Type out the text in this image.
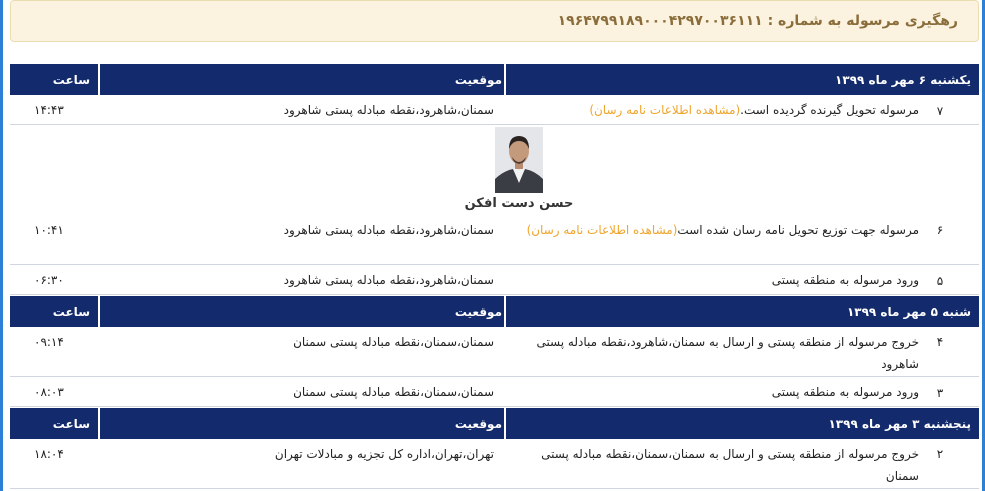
رهگیری مرسوله به شماره : ۱۹۶۴۷۹۹۱۸۹۰۰۰۴۲۹۷۰۰۳۶۱۱۱
یکشنبه ۶ مهر ماه ۱۳۹۹
موقعیت
ساعت
۷
مرسوله تحویل گیرنده گردیده است.(مشاهده اطلاعات نامه رسان)
سمنان،شاهرود،نقطه مبادله پستی شاهرود
۱۴:۴۳
۶
مرسوله جهت توزیع تحویل نامه رسان شده است(مشاهده اطلاعات نامه رسان)
سمنان،شاهرود،نقطه مبادله پستی شاهرود
۱۰:۴۱
۵
ورود مرسوله به منطقه پستی
سمنان،شاهرود،نقطه مبادله پستی شاهرود
۰۶:۳۰
شنبه ۵ مهر ماه ۱۳۹۹
موقعیت
ساعت
۴
خروج مرسوله از منطقه پستی و ارسال به سمنان،شاهرود،نقطه مبادله پستی شاهرود
سمنان،سمنان،نقطه مبادله پستی سمنان
۰۹:۱۴
۳
ورود مرسوله به منطقه پستی
سمنان،سمنان،نقطه مبادله پستی سمنان
۰۸:۰۳
پنجشنبه ۳ مهر ماه ۱۳۹۹
موقعیت
ساعت
۲
خروج مرسوله از منطقه پستی و ارسال به سمنان،سمنان،نقطه مبادله پستی سمنان
تهران،تهران،اداره کل تجزیه و مبادلات تهران
۱۸:۰۴
حسن دست افکن
